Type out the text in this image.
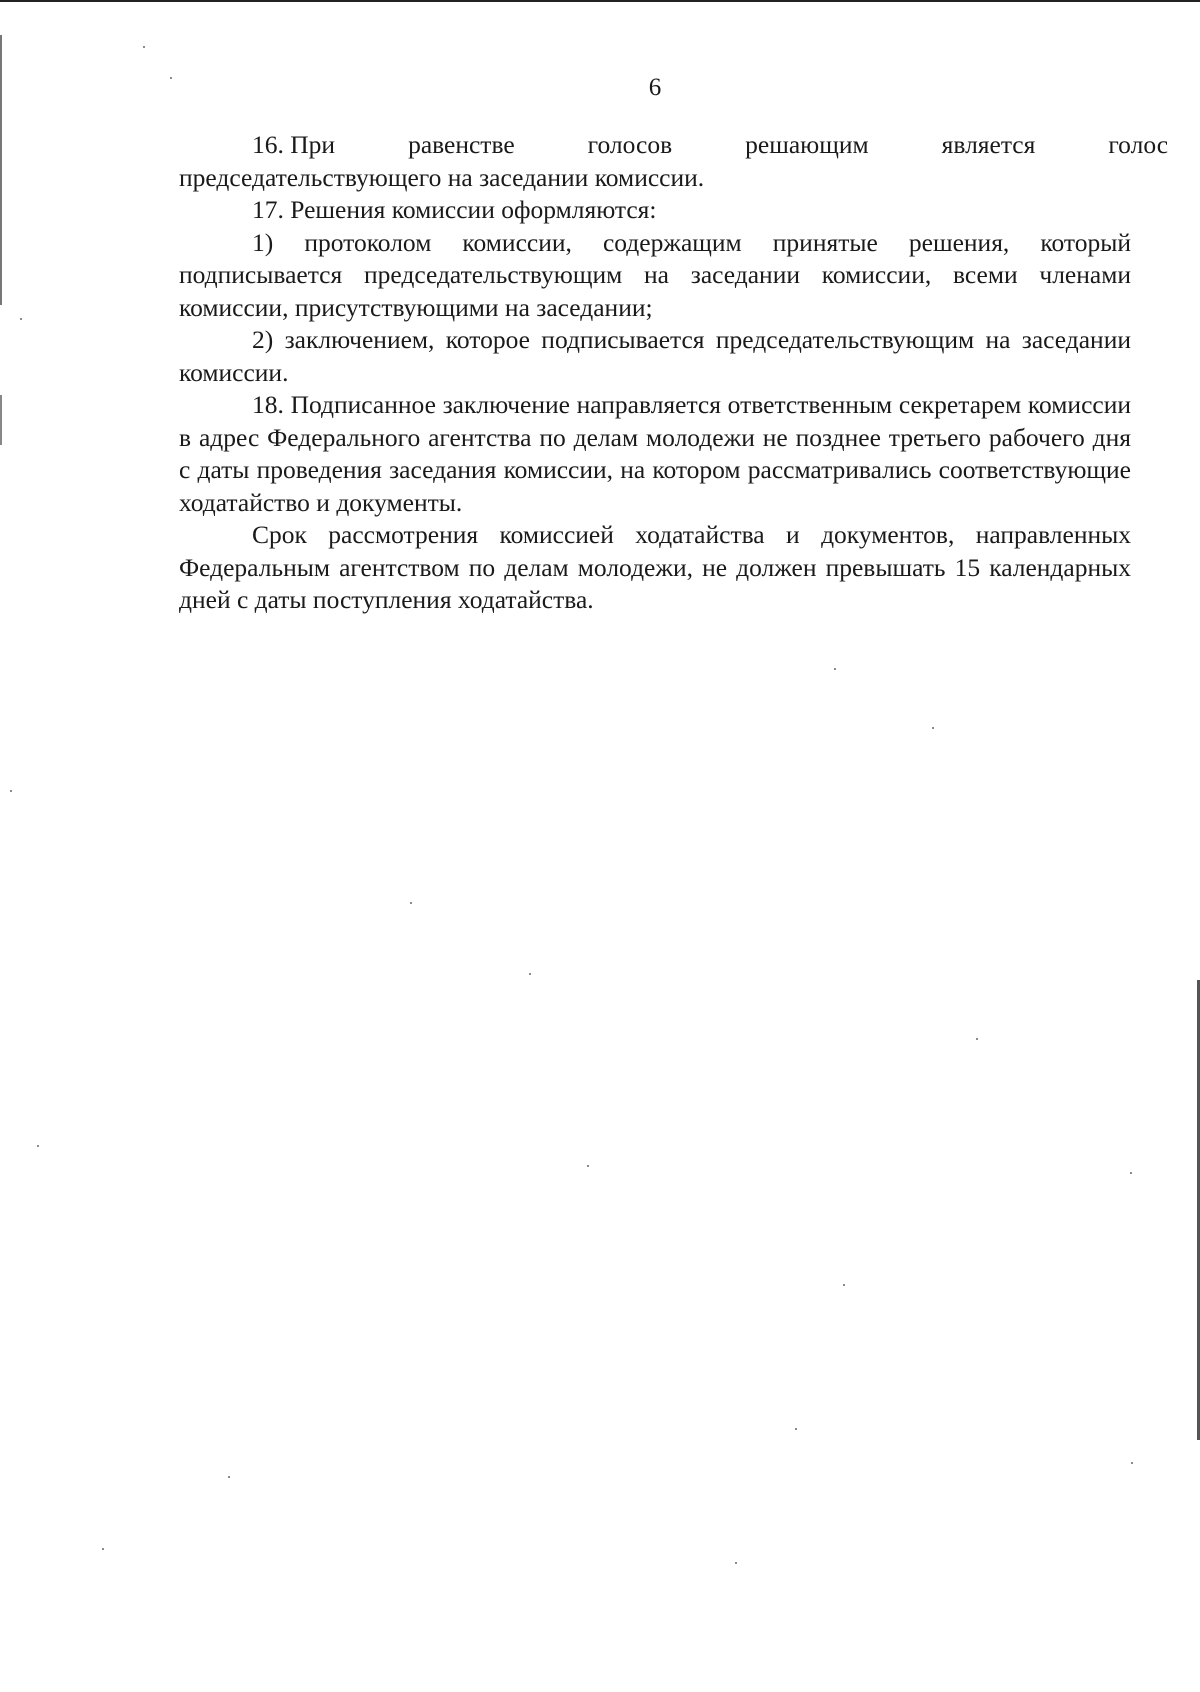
6

16. При	равенстве	голосов	решающим	является	голос

председательствующего на заседании комиссии.

17. Решения комиссии оформляются:

1) протоколом комиссии, содержащим принятые решения, который подписывается председательствующим на заседании комиссии, всеми членами комиссии, присутствующими на заседании;

2) заключением, которое подписывается председательствующим на заседании комиссии.

18. Подписанное заключение направляется ответственным секретарем комиссии в адрес Федерального агентства по делам молодежи не позднее третьего рабочего дня с даты проведения заседания комиссии, на котором рассматривались соответствующие ходатайство и документы.

Срок рассмотрения комиссией ходатайства и документов, направленных Федеральным агентством по делам молодежи, не должен превышать 15 календарных дней с даты поступления ходатайства.
